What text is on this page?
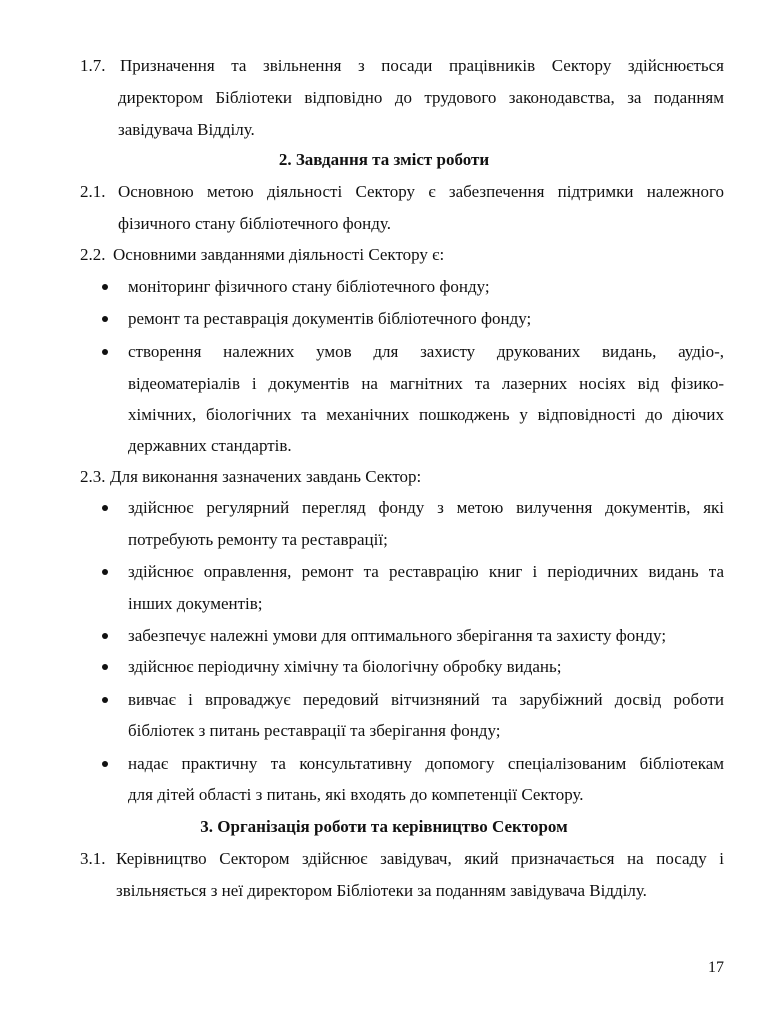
1.7. Призначення та звільнення з посади працівників Сектору здійснюється
директором Бібліотеки відповідно до трудового законодавства, за поданням
завідувача Відділу.
2. Завдання та зміст роботи
2.1. Основною метою діяльності Сектору є забезпечення підтримки належного
фізичного стану бібліотечного фонду.
2.2. Основними завданнями діяльності Сектору є:
моніторинг фізичного стану бібліотечного фонду;
ремонт та реставрація документів бібліотечного фонду;
створення належних умов для захисту друкованих видань, аудіо-,
відеоматеріалів і документів на магнітних та лазерних носіях від фізико-
хімічних, біологічних та механічних пошкоджень у відповідності до діючих
державних стандартів.
2.3. Для виконання зазначених завдань Сектор:
здійснює регулярний перегляд фонду з метою вилучення документів, які
потребують ремонту та реставрації;
здійснює оправлення, ремонт та реставрацію книг і періодичних видань та
інших документів;
забезпечує належні умови для оптимального зберігання та захисту фонду;
здійснює періодичну хімічну та біологічну обробку видань;
вивчає і впроваджує передовий вітчизняний та зарубіжний досвід роботи
бібліотек з питань реставрації та зберігання фонду;
надає практичну та консультативну допомогу спеціалізованим бібліотекам
для дітей області з питань, які входять до компетенції Сектору.
3. Організація роботи та керівництво Сектором
3.1. Керівництво Сектором здійснює завідувач, який призначається на посаду і
звільняється з неї директором Бібліотеки за поданням завідувача Відділу.
17
